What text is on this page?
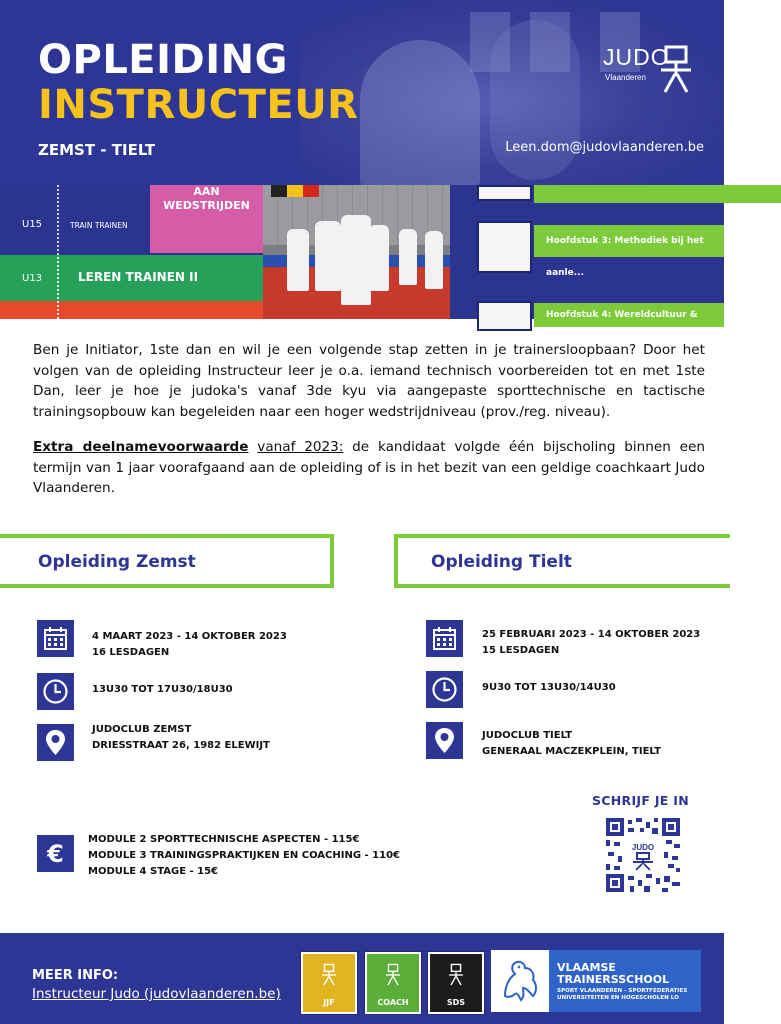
OPLEIDING
INSTRUCTEUR
ZEMST - TIELT	Leen.dom@judovlaanderen.be
JUDO
Vlaanderen
AAN WEDSTRIJDEN
U15	TRAIN TRAINEN
U13	LEREN TRAINEN II
Hoofdstuk 3: Methodiek bij het aanle...
Hoofdstuk 4: Wereldcultuur & Tra...

Ben je Initiator, 1ste dan en wil je een volgende stap zetten in je trainersloopbaan? Door het volgen van de opleiding Instructeur leer je o.a. iemand technisch voorbereiden tot en met 1ste Dan, leer je hoe je judoka's vanaf 3de kyu via aangepaste sporttechnische en tactische trainingsopbouw kan begeleiden naar een hoger wedstrijdniveau (prov./reg. niveau).

Extra deelnamevoorwaarde vanaf 2023: de kandidaat volgde één bijscholing binnen een termijn van 1 jaar voorafgaand aan de opleiding of is in het bezit van een geldige coachkaart Judo Vlaanderen.

Opleiding Zemst	Opleiding Tielt
4 MAART 2023 - 14 OKTOBER 2023
16 LESDAGEN
13U30 TOT 17U30/18U30
JUDOCLUB ZEMST
DRIESSTRAAT 26, 1982 ELEWIJT
25 FEBRUARI 2023 - 14 OKTOBER 2023
15 LESDAGEN
9U30 TOT 13U30/14U30
JUDOCLUB TIELT
GENERAAL MACZEKPLEIN, TIELT
SCHRIJF JE IN
JUDO
€
MODULE 2 SPORTTECHNISCHE ASPECTEN - 115€
MODULE 3 TRAININGSPRAKTIJKEN EN COACHING - 110€
MODULE 4 STAGE - 15€
MEER INFO:
Instructeur Judo (judovlaanderen.be)
JJF	COACH	SDS
VLAAMSE
TRAINERSSCHOOL
SPORT VLAANDEREN - SPORTFEDERATIES
UNIVERSITEITEN EN HOGESCHOLEN LO
